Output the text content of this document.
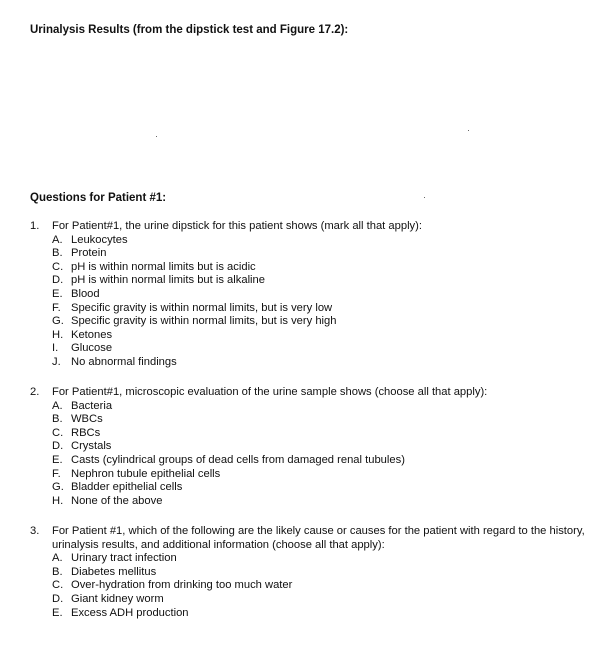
Urinalysis Results (from the dipstick test and Figure 17.2):
Questions for Patient #1:
1.	For Patient#1, the urine dipstick for this patient shows (mark all that apply):
A. Leukocytes
B. Protein
C. pH is within normal limits but is acidic
D. pH is within normal limits but is alkaline
E. Blood
F. Specific gravity is within normal limits, but is very low
G. Specific gravity is within normal limits, but is very high
H. Ketones
I.	Glucose
J. No abnormal findings
2.	For Patient#1, microscopic evaluation of the urine sample shows (choose all that apply):
A. Bacteria
B. WBCs
C. RBCs
D. Crystals
E. Casts (cylindrical groups of dead cells from damaged renal tubules)
F. Nephron tubule epithelial cells
G. Bladder epithelial cells
H. None of the above
3.	For Patient #1, which of the following are the likely cause or causes for the patient with regard to the history, urinalysis results, and additional information (choose all that apply):
A. Urinary tract infection
B. Diabetes mellitus
C. Over-hydration from drinking too much water
D. Giant kidney worm
E. Excess ADH production
